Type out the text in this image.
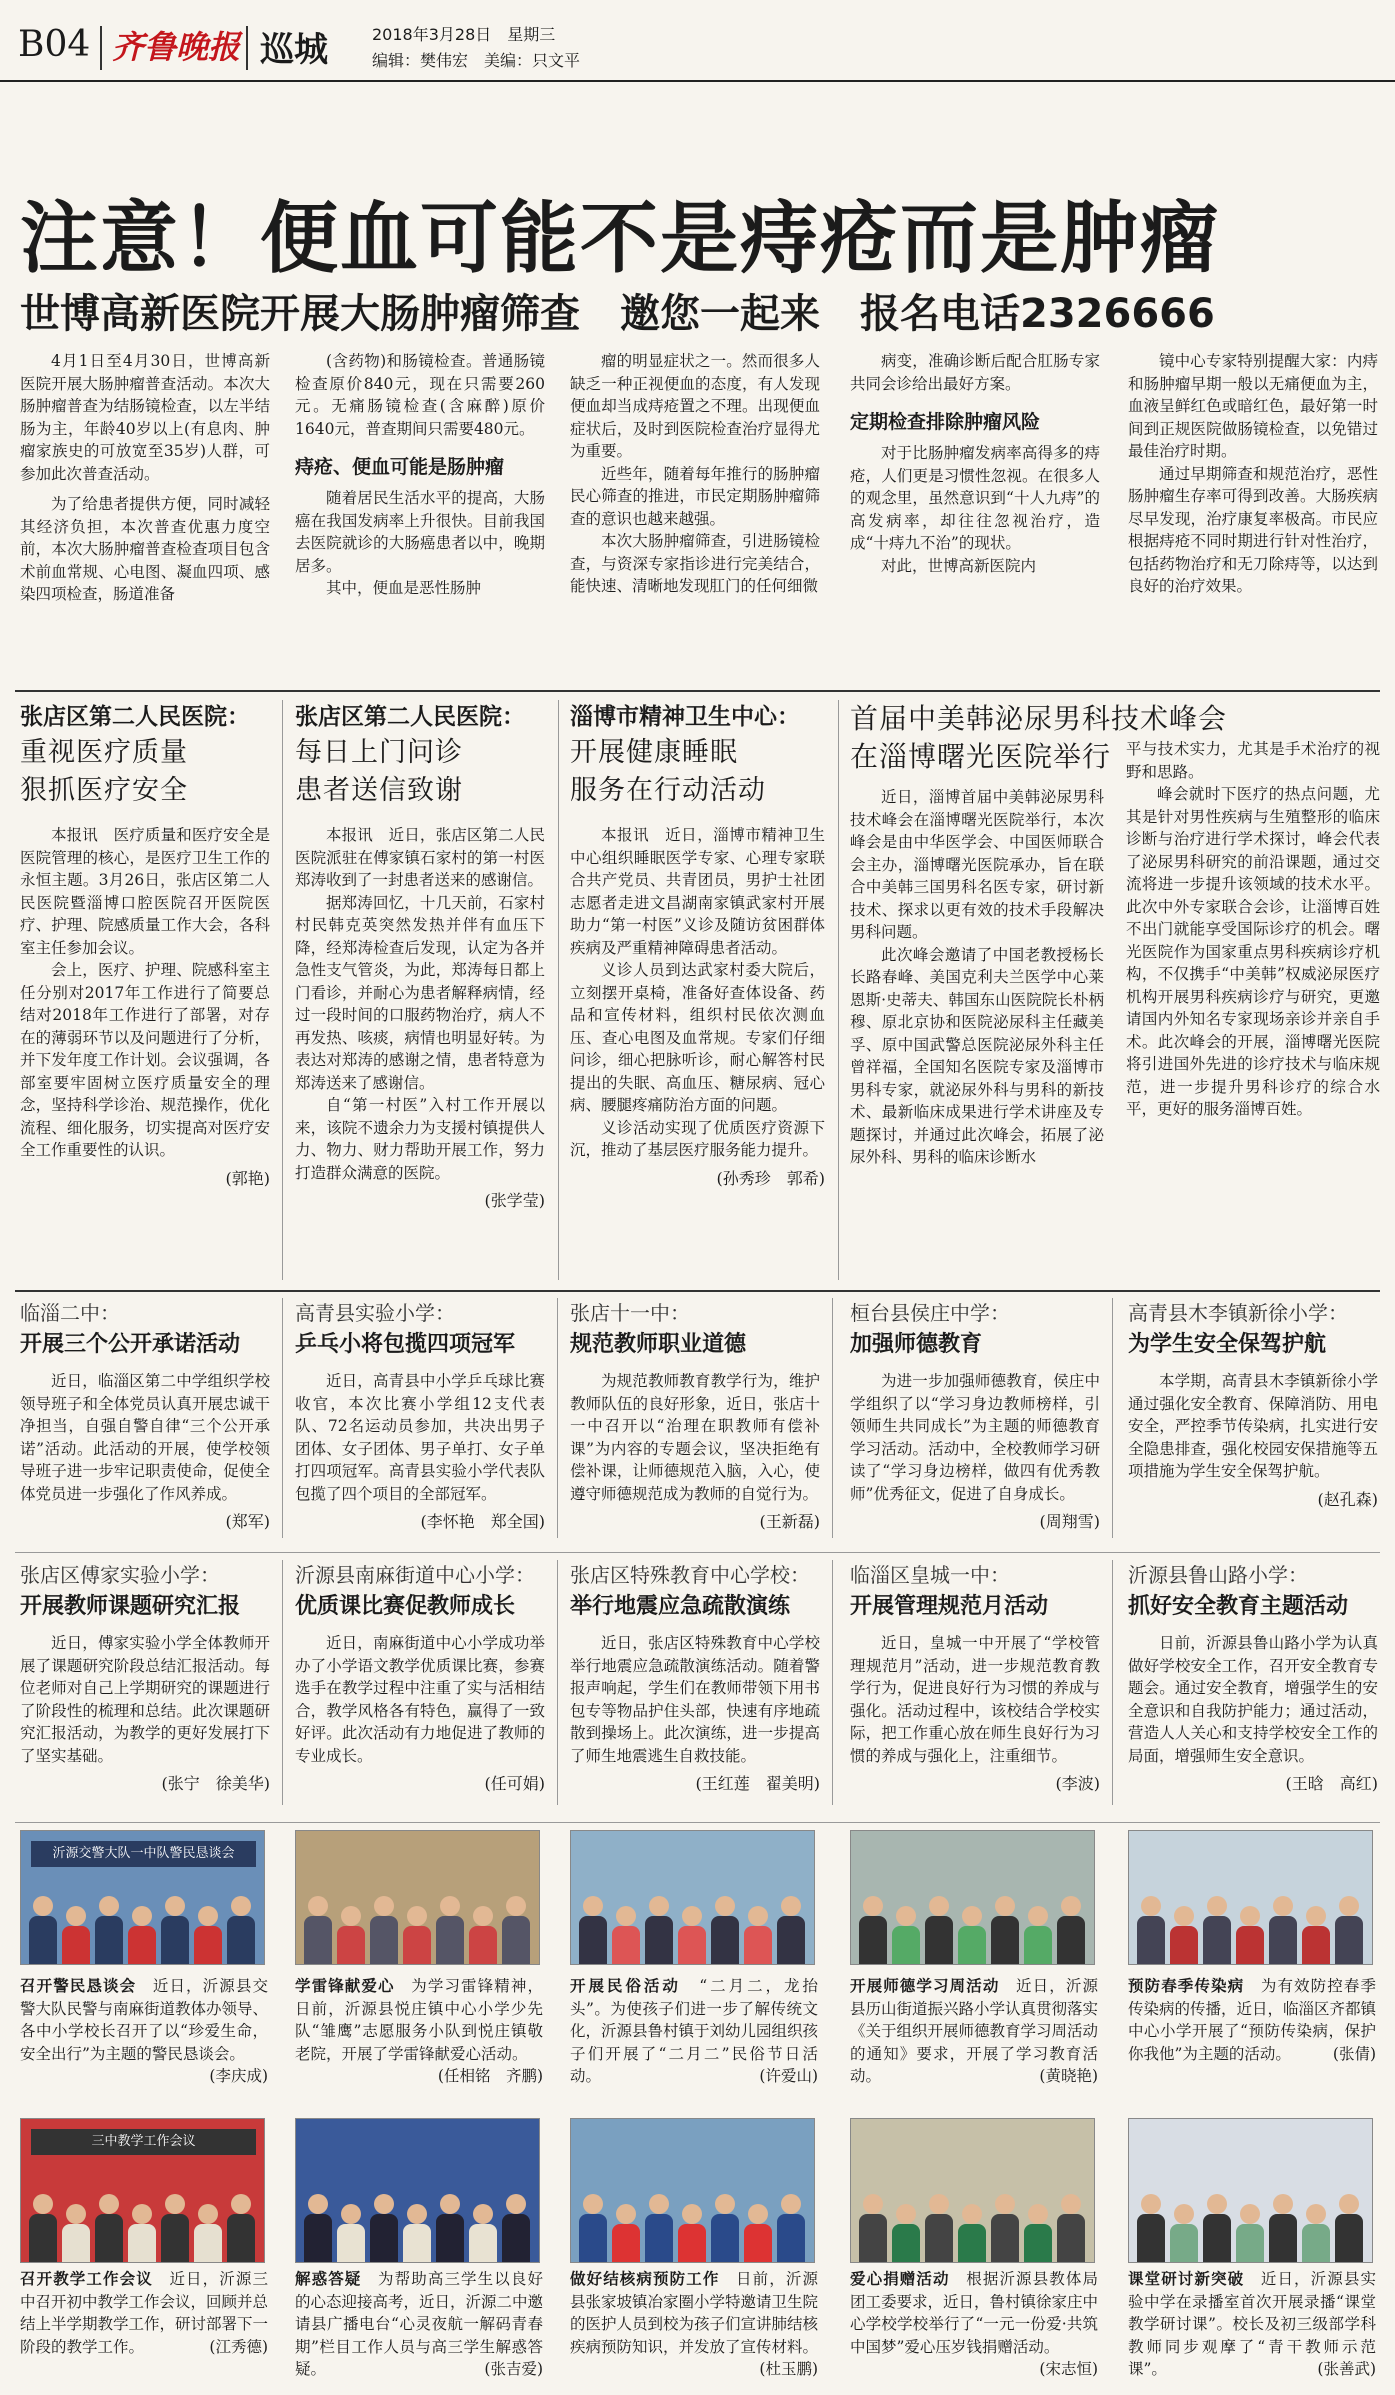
B04 齐鲁晚报 巡城	2018年3月28日　星期三
编辑：樊伟宏　美编：只文平
注意！便血可能不是痔疮而是肿瘤
世博高新医院开展大肠肿瘤筛查　邀您一起来　报名电话2326666

4月1日至4月30日，世博高新医院开展大肠肿瘤普查活动。本次大肠肿瘤普查为结肠镜检查，以左半结肠为主，年龄40岁以上(有息肉、肿瘤家族史的可放宽至35岁)人群，可参加此次普查活动。

为了给患者提供方便，同时减轻其经济负担，本次普查优惠力度空前，本次大肠肿瘤普查检查项目包含术前血常规、心电图、凝血四项、感染四项检查，肠道准备

(含药物)和肠镜检查。普通肠镜检查原价840元，现在只需要260元。无痛肠镜检查(含麻醉)原价1640元，普查期间只需要480元。

痔疮、便血可能是肠肿瘤

随着居民生活水平的提高，大肠癌在我国发病率上升很快。目前我国去医院就诊的大肠癌患者以中，晚期居多。

其中，便血是恶性肠肿

瘤的明显症状之一。然而很多人缺乏一种正视便血的态度，有人发现便血却当成痔疮置之不理。出现便血症状后，及时到医院检查治疗显得尤为重要。

近些年，随着每年推行的肠肿瘤民心筛查的推进，市民定期肠肿瘤筛查的意识也越来越强。

本次大肠肿瘤筛查，引进肠镜检查，与资深专家指诊进行完美结合，能快速、清晰地发现肛门的任何细微

病变，准确诊断后配合肛肠专家共同会诊给出最好方案。

定期检查排除肿瘤风险

对于比肠肿瘤发病率高得多的痔疮，人们更是习惯性忽视。在很多人的观念里，虽然意识到“十人九痔”的高发病率，却往往忽视治疗，造成“十痔九不治”的现状。

对此，世博高新医院内

镜中心专家特别提醒大家：内痔和肠肿瘤早期一般以无痛便血为主，血液呈鲜红色或暗红色，最好第一时间到正规医院做肠镜检查，以免错过最佳治疗时期。

通过早期筛查和规范治疗，恶性肠肿瘤生存率可得到改善。大肠疾病尽早发现，治疗康复率极高。市民应根据痔疮不同时期进行针对性治疗，包括药物治疗和无刀除痔等，以达到良好的治疗效果。

张店区第二人民医院：
重视医疗质量
狠抓医疗安全

本报讯　医疗质量和医疗安全是医院管理的核心，是医疗卫生工作的永恒主题。3月26日，张店区第二人民医院暨淄博口腔医院召开医院医疗、护理、院感质量工作大会，各科室主任参加会议。

会上，医疗、护理、院感科室主任分别对2017年工作进行了简要总结对2018年工作进行了部署，对存在的薄弱环节以及问题进行了分析，并下发年度工作计划。会议强调，各部室要牢固树立医疗质量安全的理念，坚持科学诊治、规范操作，优化流程、细化服务，切实提高对医疗安全工作重要性的认识。

(郭艳)
张店区第二人民医院：
每日上门问诊
患者送信致谢

本报讯　近日，张店区第二人民医院派驻在傅家镇石家村的第一村医郑涛收到了一封患者送来的感谢信。

据郑涛回忆，十几天前，石家村村民韩克英突然发热并伴有血压下降，经郑涛检查后发现，认定为各并急性支气管炎，为此，郑涛每日都上门看诊，并耐心为患者解释病情，经过一段时间的口服药物治疗，病人不再发热、咳痰，病情也明显好转。为表达对郑涛的感谢之情，患者特意为郑涛送来了感谢信。

自“第一村医”入村工作开展以来，该院不遗余力为支援村镇提供人力、物力、财力帮助开展工作，努力打造群众满意的医院。

(张学莹)
淄博市精神卫生中心：
开展健康睡眠
服务在行动活动

本报讯　近日，淄博市精神卫生中心组织睡眠医学专家、心理专家联合共产党员、共青团员，男护士社团志愿者走进文昌湖南家镇武家村开展助力“第一村医”义诊及随访贫困群体疾病及严重精神障碍患者活动。

义诊人员到达武家村委大院后，立刻摆开桌椅，准备好查体设备、药品和宣传材料，组织村民依次测血压、查心电图及血常规。专家们仔细问诊，细心把脉听诊，耐心解答村民提出的失眠、高血压、糖尿病、冠心病、腰腿疼痛防治方面的问题。

义诊活动实现了优质医疗资源下沉，推动了基层医疗服务能力提升。

(孙秀珍　郭希)
首届中美韩泌尿男科技术峰会
在淄博曙光医院举行

近日，淄博首届中美韩泌尿男科技术峰会在淄博曙光医院举行，本次峰会是由中华医学会、中国医师联合会主办，淄博曙光医院承办，旨在联合中美韩三国男科名医专家，研讨新技术、探求以更有效的技术手段解决男科问题。

此次峰会邀请了中国老教授杨长长路春峰、美国克利夫兰医学中心莱恩斯·史蒂夫、韩国东山医院院长朴柄穆、原北京协和医院泌尿科主任藏美孚、原中国武警总医院泌尿外科主任曾祥福，全国知名医院专家及淄博市男科专家，就泌尿外科与男科的新技术、最新临床成果进行学术讲座及专题探讨，并通过此次峰会，拓展了泌尿外科、男科的临床诊断水

平与技术实力，尤其是手术治疗的视野和思路。

峰会就时下医疗的热点问题，尤其是针对男性疾病与生殖整形的临床诊断与治疗进行学术探讨，峰会代表了泌尿男科研究的前沿课题，通过交流将进一步提升该领域的技术水平。此次中外专家联合会诊，让淄博百姓不出门就能享受国际诊疗的机会。曙光医院作为国家重点男科疾病诊疗机构，不仅携手“中美韩”权威泌尿医疗机构开展男科疾病诊疗与研究，更邀请国内外知名专家现场亲诊并亲自手术。此次峰会的开展，淄博曙光医院将引进国外先进的诊疗技术与临床规范，进一步提升男科诊疗的综合水平，更好的服务淄博百姓。

临淄二中：
开展三个公开承诺活动

近日，临淄区第二中学组织学校领导班子和全体党员认真开展忠诚干净担当，自强自警自律“三个公开承诺”活动。此活动的开展，使学校领导班子进一步牢记职责使命，促使全体党员进一步强化了作风养成。

(郑军)
高青县实验小学：
乒乓小将包揽四项冠军

近日，高青县中小学乒乓球比赛收官，本次比赛小学组12支代表队、72名运动员参加，共决出男子团体、女子团体、男子单打、女子单打四项冠军。高青县实验小学代表队包揽了四个项目的全部冠军。

(李怀艳　郑全国)
张店十一中：
规范教师职业道德

为规范教师教育教学行为，维护教师队伍的良好形象，近日，张店十一中召开以“治理在职教师有偿补课”为内容的专题会议，坚决拒绝有偿补课，让师德规范入脑，入心，使遵守师德规范成为教师的自觉行为。

(王新磊)
桓台县侯庄中学：
加强师德教育

为进一步加强师德教育，侯庄中学组织了以“学习身边教师榜样，引领师生共同成长”为主题的师德教育学习活动。活动中，全校教师学习研读了“学习身边榜样，做四有优秀教师”优秀征文，促进了自身成长。

(周翔雪)
高青县木李镇新徐小学：
为学生安全保驾护航

本学期，高青县木李镇新徐小学通过强化安全教育、保障消防、用电安全，严控季节传染病，扎实进行安全隐患排查，强化校园安保措施等五项措施为学生安全保驾护航。

(赵孔森)
张店区傅家实验小学：
开展教师课题研究汇报

近日，傅家实验小学全体教师开展了课题研究阶段总结汇报活动。每位老师对自己上学期研究的课题进行了阶段性的梳理和总结。此次课题研究汇报活动，为教学的更好发展打下了坚实基础。

(张宁　徐美华)
沂源县南麻街道中心小学：
优质课比赛促教师成长

近日，南麻街道中心小学成功举办了小学语文教学优质课比赛，参赛选手在教学过程中注重了实与活相结合，教学风格各有特色，赢得了一致好评。此次活动有力地促进了教师的专业成长。

(任可娟)
张店区特殊教育中心学校：
举行地震应急疏散演练

近日，张店区特殊教育中心学校举行地震应急疏散演练活动。随着警报声响起，学生们在教师带领下用书包专等物品护住头部，快速有序地疏散到操场上。此次演练，进一步提高了师生地震逃生自救技能。

(王红莲　翟美明)
临淄区皇城一中：
开展管理规范月活动

近日，皇城一中开展了“学校管理规范月”活动，进一步规范教育教学行为，促进良好行为习惯的养成与强化。活动过程中，该校结合学校实际，把工作重心放在师生良好行为习惯的养成与强化上，注重细节。

(李波)
沂源县鲁山路小学：
抓好安全教育主题活动

日前，沂源县鲁山路小学为认真做好学校安全工作，召开安全教育专题会。通过安全教育，增强学生的安全意识和自我防护能力；通过活动，营造人人关心和支持学校安全工作的局面，增强师生安全意识。

(王晗　高红)
沂源交警大队一中队警民恳谈会
召开警民恳谈会　 近日，沂源县交警大队民警与南麻街道教体办领导、各中小学校长召开了以“珍爱生命，安全出行”为主题的警民恳谈会。
(李庆成)
学雷锋献爱心　 为学习雷锋精神，日前，沂源县悦庄镇中心小学少先队“雏鹰”志愿服务小队到悦庄镇敬老院，开展了学雷锋献爱心活动。
(任相铭　齐鹏)
开展民俗活动　 “二月二，龙抬头”。为使孩子们进一步了解传统文化，沂源县鲁村镇于刘幼儿园组织孩子们开展了“二月二”民俗节日活动。	(许爱山)
开展师德学习周活动　 近日，沂源县历山街道振兴路小学认真贯彻落实《关于组织开展师德教育学习周活动的通知》要求，开展了学习教育活动。	(黄晓艳)
预防春季传染病　 为有效防控春季传染病的传播，近日，临淄区齐都镇中心小学开展了“预防传染病，保护你我他”为主题的活动。	(张倩)
三中教学工作会议
召开教学工作会议　 近日，沂源三中召开初中教学工作会议，回顾并总结上半学期教学工作，研讨部署下一阶段的教学工作。	(江秀德)
解惑答疑　 为帮助高三学生以良好的心态迎接高考，近日，沂源二中邀请县广播电台“心灵夜航一解码青春期”栏目工作人员与高三学生解惑答疑。	(张吉爱)
做好结核病预防工作　 日前，沂源县张家坡镇冶家圈小学特邀请卫生院的医护人员到校为孩子们宣讲肺结核疾病预防知识，并发放了宣传材料。
(杜玉鹏)
爱心捐赠活动　 根据沂源县教体局团工委要求，近日，鲁村镇徐家庄中心学校学校举行了“一元一份爱·共筑中国梦”爱心压岁钱捐赠活动。
(宋志恒)
课堂研讨新突破　 近日，沂源县实验中学在录播室首次开展录播“课堂教学研讨课”。校长及初三级部学科教师同步观摩了“青干教师示范课”。	(张善武)
